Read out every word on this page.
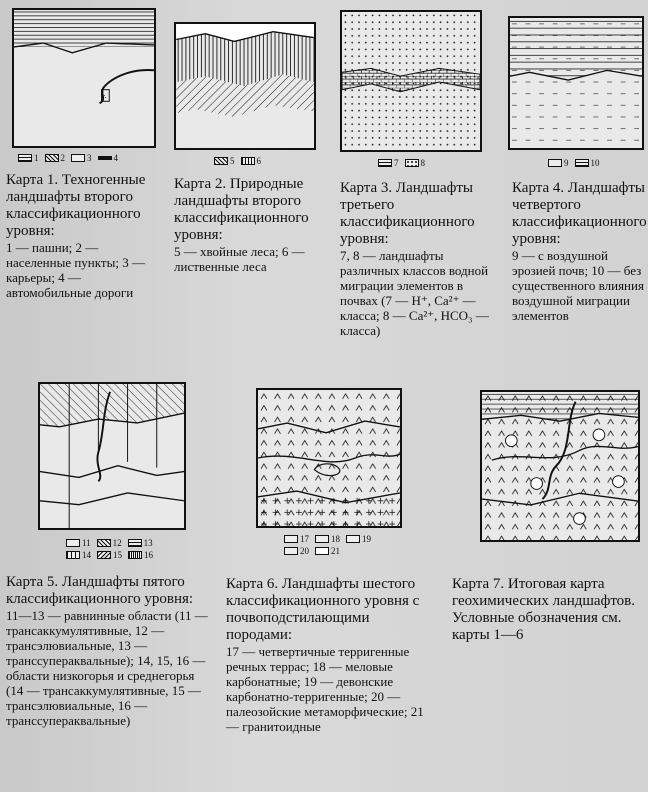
∴
1 2 3 4
Карта 1. Техногенные ландшафты второго классификационного уровня:
1 — пашни; 2 — населенные пункты; 3 — карьеры; 4 — автомобильные дороги
5 6
Карта 2. Природные ландшафты второго классификационного уровня:
5 — хвойные леса; 6 — лиственные леса
7 8
Карта 3. Ландшафты третьего классификационного уровня:
7, 8 — ландшафты различных классов водной миграции элементов в почвах (7 — H⁺, Ca²⁺ — класса; 8 — Ca²⁺, HCO₃ — класса)
9 10
Карта 4. Ландшафты четвертого классификационного уровня:
9 — с воздушной эрозией почв; 10 — без существенного влияния воздушной миграции элементов
11 12 13
14 15 16
Карта 5. Ландшафты пятого классификационного уровня:
11—13 — равнинные области (11 — трансаккумулятивные, 12 — трансэлювиальные, 13 — транссупераквальные); 14, 15, 16 — области низкогорья и среднегорья (14 — трансаккумулятивные, 15 — трансэлювиальные, 16 — транссупераквальные)
17 18 19
20 21
Карта 6. Ландшафты шестого классификационного уровня с почвоподстилающими породами:
17 — четвертичные терригенные речных террас; 18 — меловые карбонатные; 19 — девонские карбонатно-терригенные; 20 — палеозойские метаморфические; 21 — гранитоидные
Карта 7. Итоговая карта геохимических ландшафтов. Условные обозначения см. карты 1—6
